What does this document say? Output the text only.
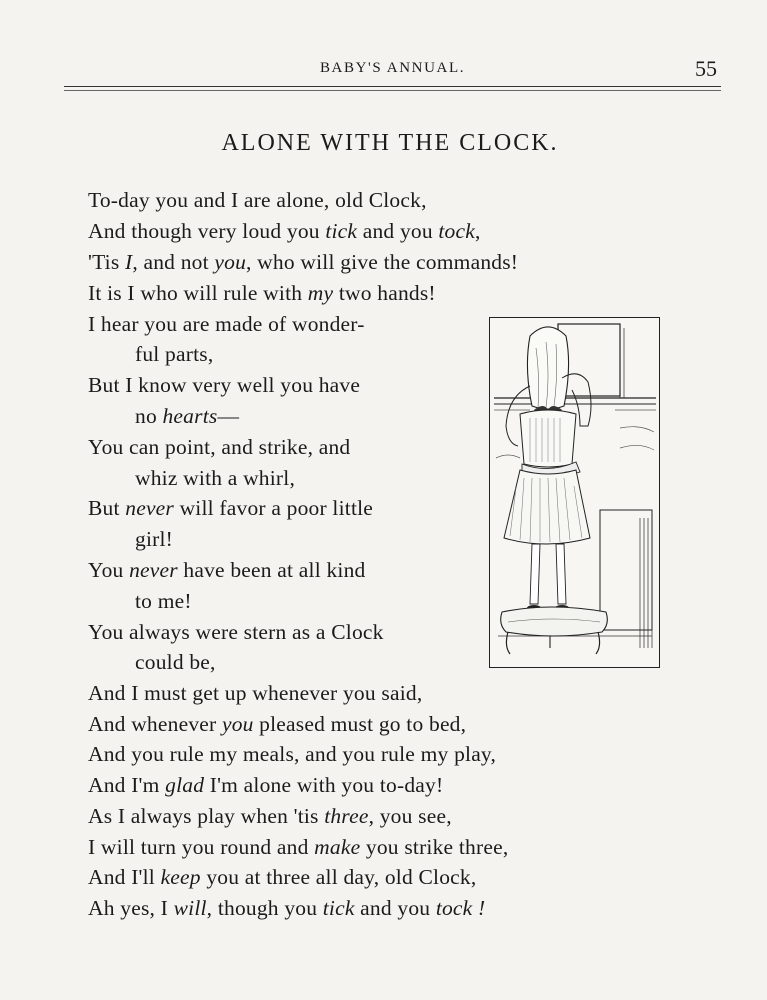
BABY'S ANNUAL.	55
ALONE WITH THE CLOCK.
To-day you and I are alone, old Clock,
And though very loud you tick and you tock,
'Tis I, and not you, who will give the commands!
It is I who will rule with my two hands!
I hear you are made of wonder-
ful parts,
But I know very well you have
no hearts—
You can point, and strike, and
whiz with a whirl,
But never will favor a poor little
girl!
You never have been at all kind
to me!
You always were stern as a Clock
could be,
And I must get up whenever you said,
And whenever you pleased must go to bed,
And you rule my meals, and you rule my play,
And I'm glad I'm alone with you to-day!
As I always play when 'tis three, you see,
I will turn you round and make you strike three,
And I'll keep you at three all day, old Clock,
Ah yes, I will, though you tick and you tock !
